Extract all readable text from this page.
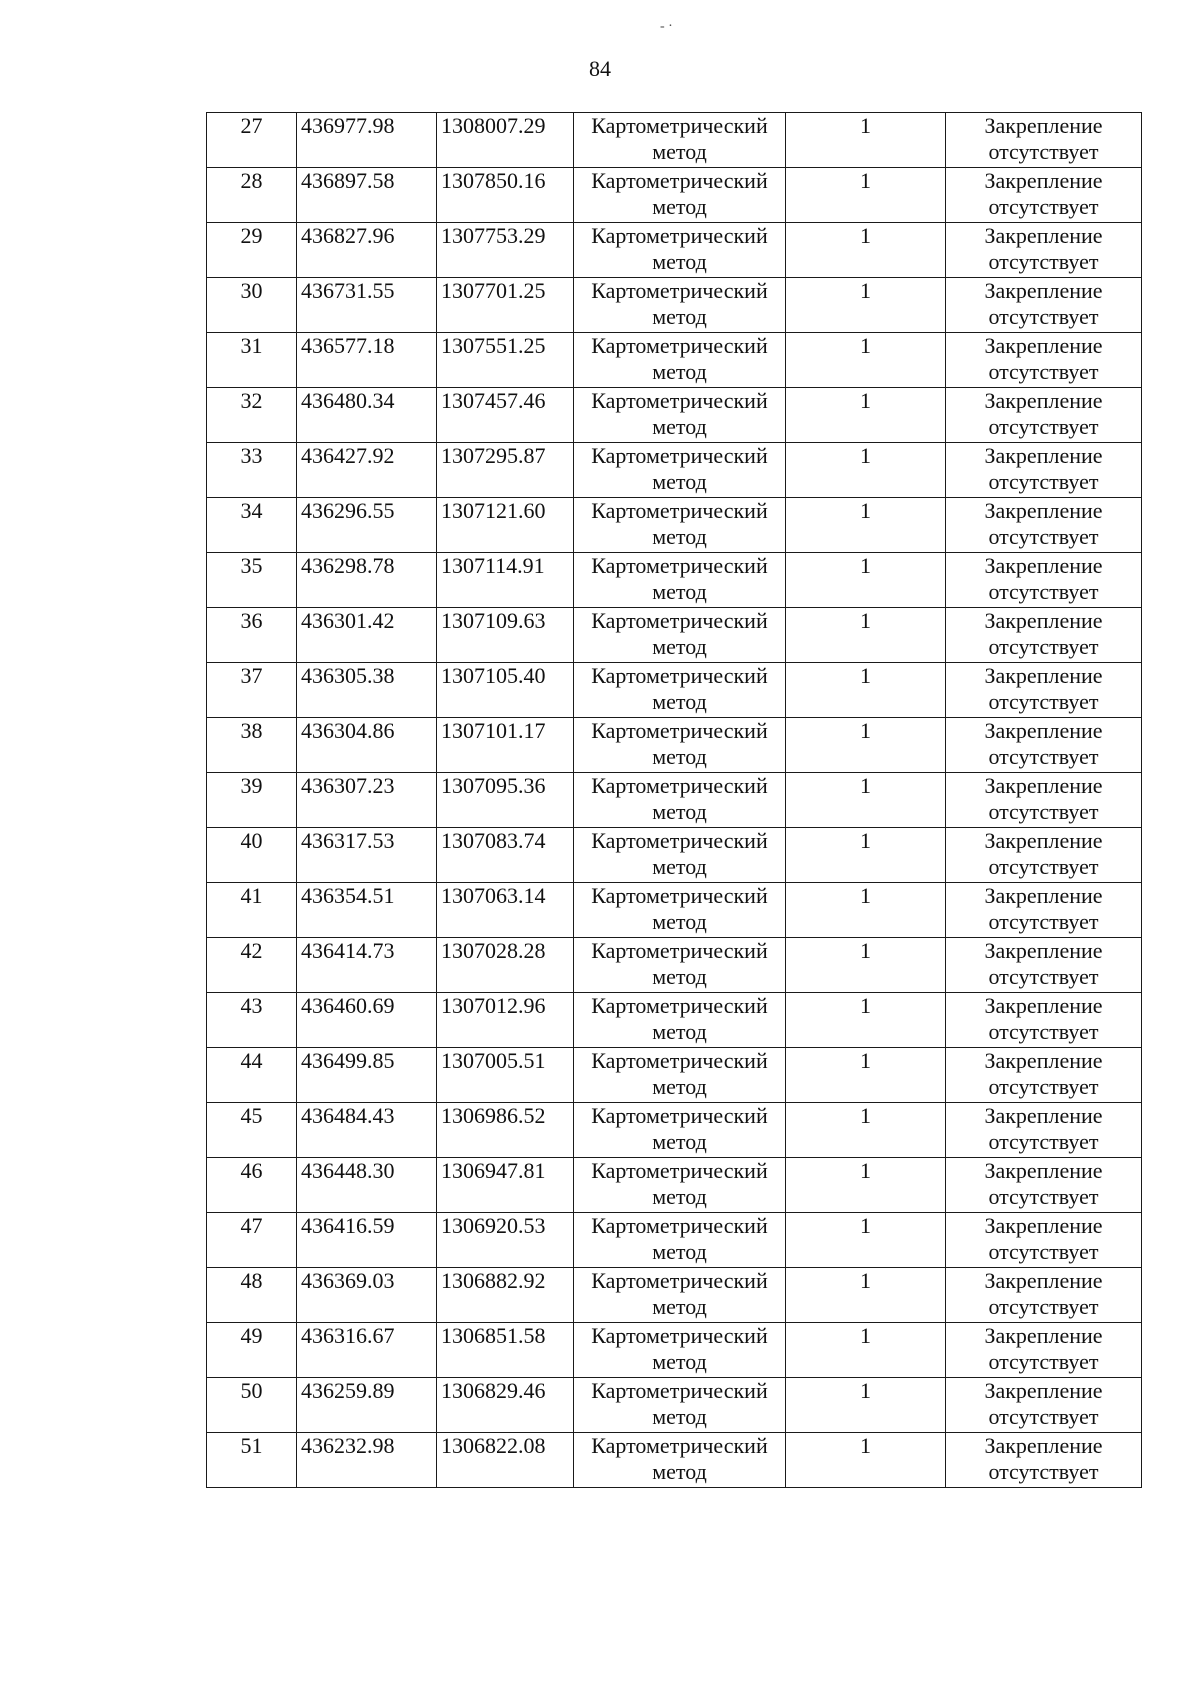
‐ ·
84
27	436977.98	1308007.29	Картометрический
метод	1	Закрепление
отсутствует

28	436897.58	1307850.16	Картометрический
метод	1	Закрепление
отсутствует

29	436827.96	1307753.29	Картометрический
метод	1	Закрепление
отсутствует

30	436731.55	1307701.25	Картометрический
метод	1	Закрепление
отсутствует

31	436577.18	1307551.25	Картометрический
метод	1	Закрепление
отсутствует

32	436480.34	1307457.46	Картометрический
метод	1	Закрепление
отсутствует

33	436427.92	1307295.87	Картометрический
метод	1	Закрепление
отсутствует

34	436296.55	1307121.60	Картометрический
метод	1	Закрепление
отсутствует

35	436298.78	1307114.91	Картометрический
метод	1	Закрепление
отсутствует

36	436301.42	1307109.63	Картометрический
метод	1	Закрепление
отсутствует

37	436305.38	1307105.40	Картометрический
метод	1	Закрепление
отсутствует

38	436304.86	1307101.17	Картометрический
метод	1	Закрепление
отсутствует

39	436307.23	1307095.36	Картометрический
метод	1	Закрепление
отсутствует

40	436317.53	1307083.74	Картометрический
метод	1	Закрепление
отсутствует

41	436354.51	1307063.14	Картометрический
метод	1	Закрепление
отсутствует

42	436414.73	1307028.28	Картометрический
метод	1	Закрепление
отсутствует

43	436460.69	1307012.96	Картометрический
метод	1	Закрепление
отсутствует

44	436499.85	1307005.51	Картометрический
метод	1	Закрепление
отсутствует

45	436484.43	1306986.52	Картометрический
метод	1	Закрепление
отсутствует

46	436448.30	1306947.81	Картометрический
метод	1	Закрепление
отсутствует

47	436416.59	1306920.53	Картометрический
метод	1	Закрепление
отсутствует

48	436369.03	1306882.92	Картометрический
метод	1	Закрепление
отсутствует

49	436316.67	1306851.58	Картометрический
метод	1	Закрепление
отсутствует

50	436259.89	1306829.46	Картометрический
метод	1	Закрепление
отсутствует

51	436232.98	1306822.08	Картометрический
метод	1	Закрепление
отсутствует
